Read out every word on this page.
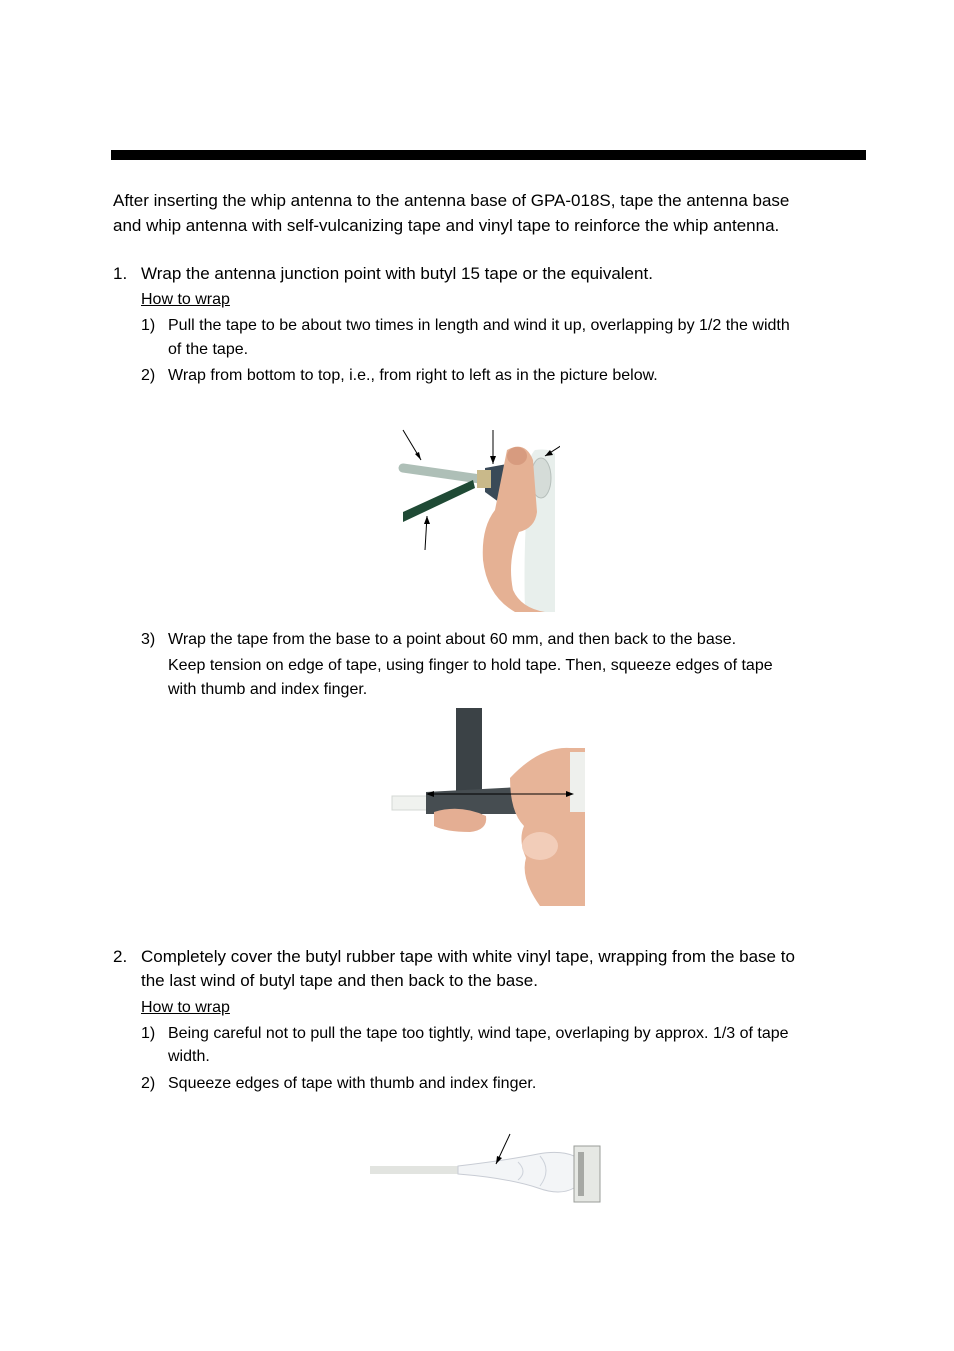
After inserting the whip antenna to the antenna base of GPA-018S, tape the antenna base
and whip antenna with self-vulcanizing tape and vinyl tape to reinforce the whip antenna.
1. Wrap the antenna junction point with butyl 15 tape or the equivalent.
How to wrap
1) Pull the tape to be about two times in length and wind it up, overlapping by 1/2 the width
of the tape.
2) Wrap from bottom to top, i.e., from right to left as in the picture below.
3) Wrap the tape from the base to a point about 60 mm, and then back to the base.
Keep tension on edge of tape, using finger to hold tape. Then, squeeze edges of tape
with thumb and index finger.
2. Completely cover the butyl rubber tape with white vinyl tape, wrapping from the base to
the last wind of butyl tape and then back to the base.
How to wrap
1) Being careful not to pull the tape too tightly, wind tape, overlaping by approx. 1/3 of tape
width.
2) Squeeze edges of tape with thumb and index finger.
